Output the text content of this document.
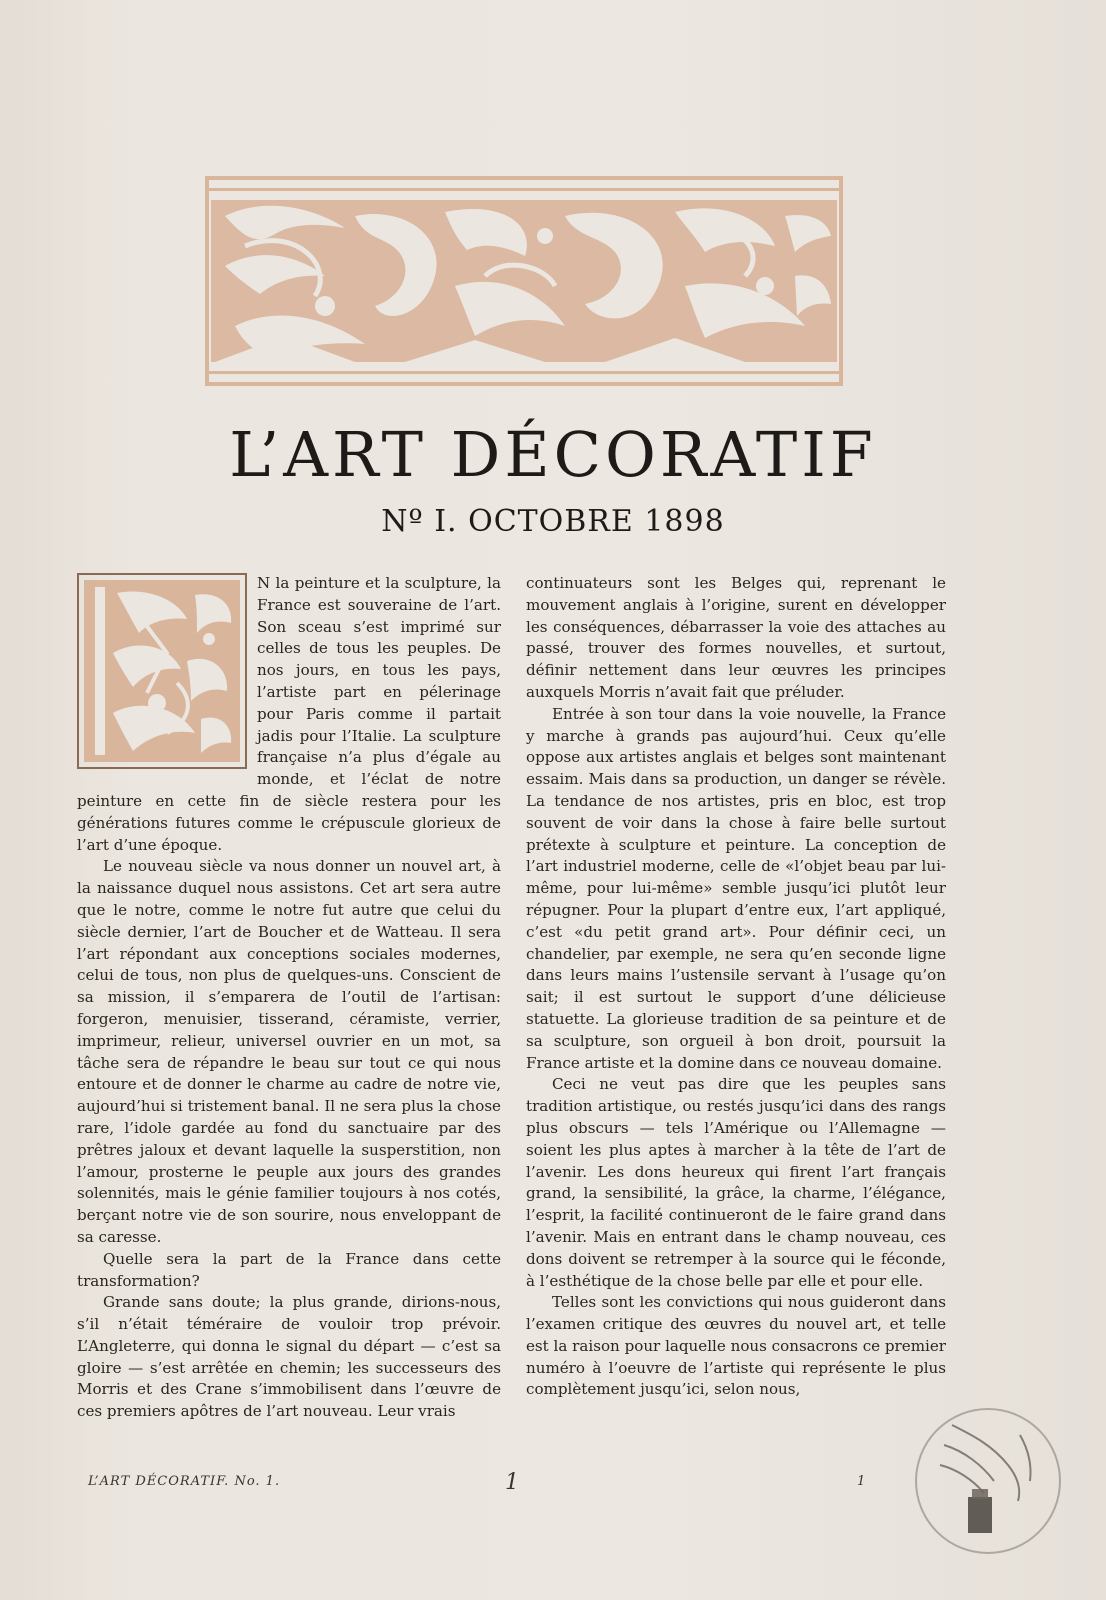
L’ART DÉCORATIF
Nº I. OCTOBRE 1898

N la peinture et la sculpture, la France est souveraine de l’art. Son sceau s’est imprimé sur celles de tous les peuples. De nos jours, en tous les pays, l’artiste part en pélerinage pour Paris comme il partait jadis pour l’Italie. La sculpture française n’a plus d’égale au monde, et l’éclat de notre peinture en cette fin de siècle restera pour les générations futures comme le crépuscule glorieux de l’art d’une époque.

Le nouveau siècle va nous donner un nouvel art, à la naissance duquel nous assistons. Cet art sera autre que le notre, comme le notre fut autre que celui du siècle dernier, l’art de Boucher et de Watteau. Il sera l’art répondant aux conceptions sociales modernes, celui de tous, non plus de quelques-uns. Conscient de sa mission, il s’emparera de l’outil de l’artisan: forgeron, menuisier, tisserand, céramiste, verrier, imprimeur, relieur, universel ouvrier en un mot, sa tâche sera de répandre le beau sur tout ce qui nous entoure et de donner le charme au cadre de notre vie, aujourd’hui si tristement banal. Il ne sera plus la chose rare, l’idole gardée au fond du sanctuaire par des prêtres jaloux et devant laquelle la susperstition, non l’amour, prosterne le peuple aux jours des grandes solennités, mais le génie familier toujours à nos cotés, berçant notre vie de son sourire, nous enveloppant de sa caresse.

Quelle sera la part de la France dans cette transformation?

Grande sans doute; la plus grande, dirions-nous, s’il n’était téméraire de vouloir trop prévoir. L’Angleterre, qui donna le signal du départ — c’est sa gloire — s’est arrêtée en chemin; les successeurs des Morris et des Crane s’immobilisent dans l’œuvre de ces premiers apôtres de l’art nouveau. Leur vrais

continuateurs sont les Belges qui, reprenant le mouvement anglais à l’origine, surent en développer les conséquences, débarrasser la voie des attaches au passé, trouver des formes nouvelles, et surtout, définir nettement dans leur œuvres les principes auxquels Morris n’avait fait que préluder.

Entrée à son tour dans la voie nouvelle, la France y marche à grands pas aujourd’hui. Ceux qu’elle oppose aux artistes anglais et belges sont maintenant essaim. Mais dans sa production, un danger se révèle. La tendance de nos artistes, pris en bloc, est trop souvent de voir dans la chose à faire belle surtout prétexte à sculpture et peinture. La conception de l’art industriel moderne, celle de «l’objet beau par lui-même, pour lui-même» semble jusqu’ici plutôt leur répugner. Pour la plupart d’entre eux, l’art appliqué, c’est «du petit grand art». Pour définir ceci, un chandelier, par exemple, ne sera qu’en seconde ligne dans leurs mains l’ustensile servant à l’usage qu’on sait; il est surtout le support d’une délicieuse statuette. La glorieuse tradition de sa peinture et de sa sculpture, son orgueil à bon droit, poursuit la France artiste et la domine dans ce nouveau domaine.

Ceci ne veut pas dire que les peuples sans tradition artistique, ou restés jusqu’ici dans des rangs plus obscurs — tels l’Amérique ou l’Allemagne — soient les plus aptes à marcher à la tête de l’art de l’avenir. Les dons heureux qui firent l’art français grand, la sensibilité, la grâce, la charme, l’élégance, l’esprit, la facilité continueront de le faire grand dans l’avenir. Mais en entrant dans le champ nouveau, ces dons doivent se retremper à la source qui le féconde, à l’esthétique de la chose belle par elle et pour elle.

Telles sont les convictions qui nous guideront dans l’examen critique des œuvres du nouvel art, et telle est la raison pour laquelle nous consacrons ce premier numéro à l’oeuvre de l’artiste qui représente le plus complètement jusqu’ici, selon nous,

L’ART DÉCORATIF. No. 1.	1	1
